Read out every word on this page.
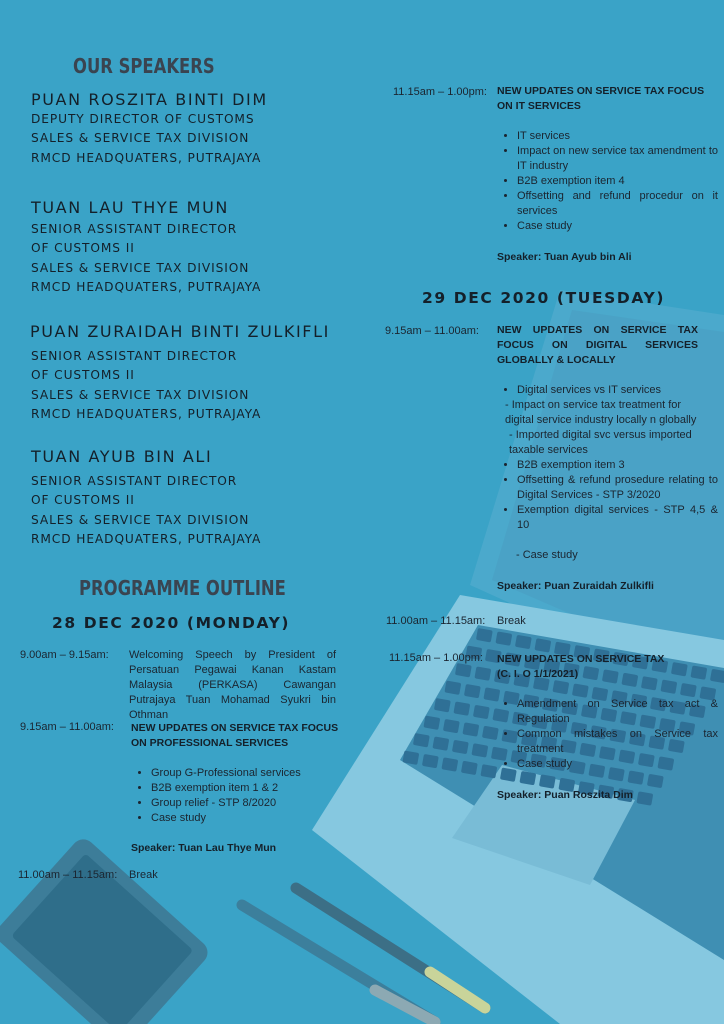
OUR SPEAKERS
PUAN ROSZITA BINTI DIM
DEPUTY DIRECTOR OF CUSTOMS
SALES & SERVICE TAX DIVISION
RMCD HEADQUATERS, PUTRAJAYA
TUAN LAU THYE MUN
SENIOR ASSISTANT DIRECTOR
OF CUSTOMS II
SALES & SERVICE TAX DIVISION
RMCD HEADQUATERS, PUTRAJAYA
PUAN ZURAIDAH BINTI ZULKIFLI
SENIOR ASSISTANT DIRECTOR
OF CUSTOMS II
SALES & SERVICE TAX DIVISION
RMCD HEADQUATERS, PUTRAJAYA
TUAN AYUB BIN ALI
SENIOR ASSISTANT DIRECTOR
OF CUSTOMS II
SALES & SERVICE TAX DIVISION
RMCD HEADQUATERS, PUTRAJAYA
PROGRAMME OUTLINE
28 DEC 2020 (MONDAY)
9.00am – 9.15am: Welcoming Speech by President of Persatuan Pegawai Kanan Kastam Malaysia (PERKASA) Cawangan Putrajaya Tuan Mohamad Syukri bin Othman
9.15am – 11.00am: NEW UPDATES ON SERVICE TAX FOCUS ON PROFESSIONAL SERVICES
• Group G-Professional services
• B2B exemption item 1 & 2
• Group relief - STP 8/2020
• Case study
Speaker: Tuan Lau Thye Mun
11.00am – 11.15am: Break
11.15am – 1.00pm: NEW UPDATES ON SERVICE TAX FOCUS ON IT SERVICES
• IT services
• Impact on new service tax amendment to IT industry
• B2B exemption item 4
• Offsetting and refund procedur on it services
• Case study
Speaker: Tuan Ayub bin Ali
29 DEC 2020 (TUESDAY)
9.15am – 11.00am: NEW UPDATES ON SERVICE TAX FOCUS ON DIGITAL SERVICES GLOBALLY & LOCALLY
• Digital services vs IT services
- Impact on service tax treatment for digital service industry locally n globally
- Imported digital svc versus imported taxable services
• B2B exemption item 3
• Offsetting & refund prosedure relating to Digital Services - STP 3/2020
• Exemption digital services - STP 4,5 & 10
- Case study
Speaker: Puan Zuraidah Zulkifli
11.00am – 11.15am: Break
11.15am – 1.00pm: NEW UPDATES ON SERVICE TAX
(C. I. O 1/1/2021)
• Amendment on Service tax act & Regulation
• Common mistakes on Service tax treatment
• Case study
Speaker: Puan Roszita Dim
